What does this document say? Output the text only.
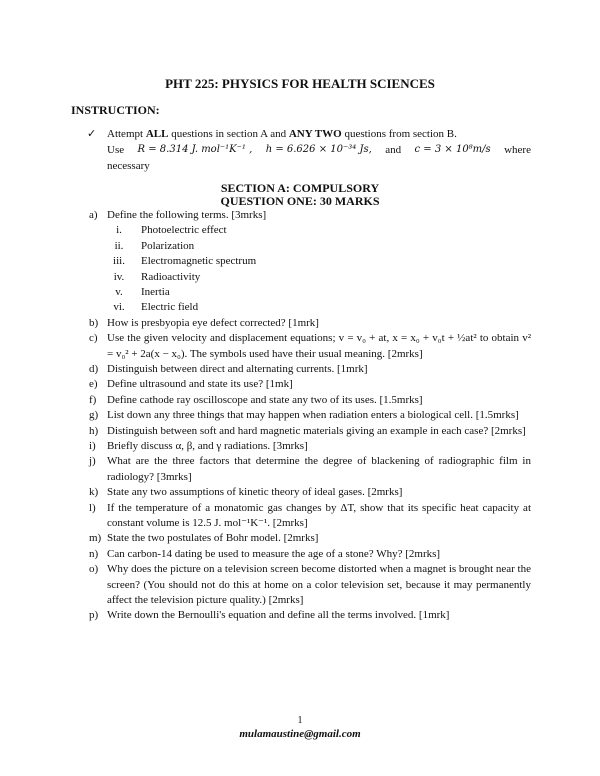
PHT 225: PHYSICS FOR HEALTH SCIENCES
INSTRUCTION:
✓ Attempt ALL questions in section A and ANY TWO questions from section B.
Use R = 8.314 J. mol⁻¹K⁻¹ , h = 6.626 × 10⁻³⁴ Js, and c = 3 × 10⁸m/s where
necessary
SECTION A: COMPULSORY
QUESTION ONE: 30 MARKS
a) Define the following terms. [3mrks]
i.	Photoelectric effect
ii.	Polarization
iii.	Electromagnetic spectrum
iv.	Radioactivity
v.	Inertia
vi.	Electric field
b) How is presbyopia eye defect corrected? [1mrk]
c) Use the given velocity and displacement equations; v = v₀ + at, x = x₀ + v₀t + ½at² to obtain v² = v₀² + 2a(x − x₀). The symbols used have their usual meaning. [2mrks]
d) Distinguish between direct and alternating currents. [1mrk]
e) Define ultrasound and state its use? [1mk]
f) Define cathode ray oscilloscope and state any two of its uses. [1.5mrks]
g) List down any three things that may happen when radiation enters a biological cell. [1.5mrks]
h) Distinguish between soft and hard magnetic materials giving an example in each case? [2mrks]
i) Briefly discuss α, β, and γ radiations. [3mrks]
j) What are the three factors that determine the degree of blackening of radiographic film in radiology? [3mrks]
k) State any two assumptions of kinetic theory of ideal gases. [2mrks]
l) If the temperature of a monatomic gas changes by ΔT, show that its specific heat capacity at constant volume is 12.5 J. mol⁻¹K⁻¹. [2mrks]
m) State the two postulates of Bohr model. [2mrks]
n) Can carbon-14 dating be used to measure the age of a stone? Why? [2mrks]
o) Why does the picture on a television screen become distorted when a magnet is brought near the screen? (You should not do this at home on a color television set, because it may permanently affect the television picture quality.) [2mrks]
p) Write down the Bernoulli's equation and define all the terms involved. [1mrk]
1
mulamaustine@gmail.com
